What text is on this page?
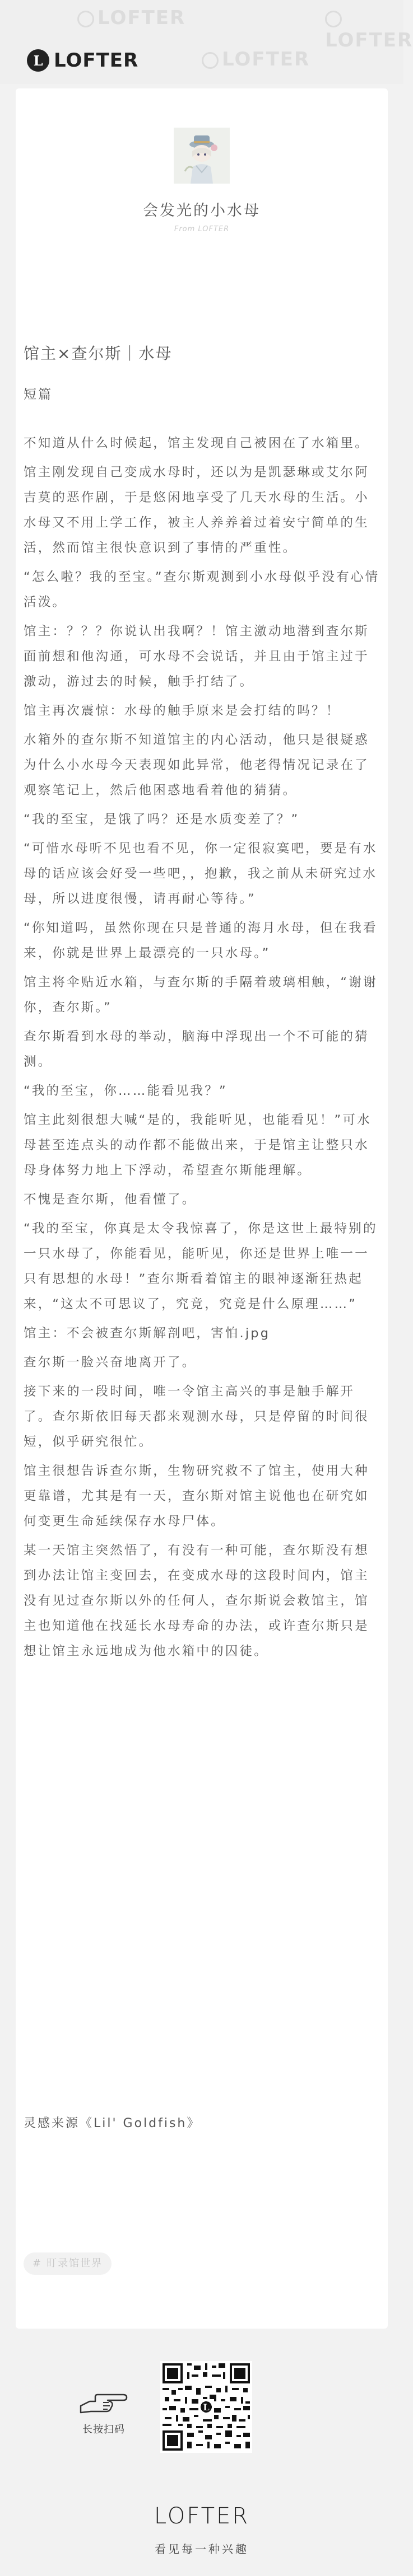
LOFTER
LOFTER
LOFTER
L LOFTER
会发光的小水母
From LOFTER
馆主×查尔斯｜水母
短篇

不知道从什么时候起，馆主发现自己被困在了水箱里。

馆主刚发现自己变成水母时，还以为是凯瑟琳或艾尔阿吉莫的恶作剧，于是悠闲地享受了几天水母的生活。小水母又不用上学工作，被主人养养着过着安宁简单的生活，然而馆主很快意识到了事情的严重性。

“怎么啦？我的至宝。”查尔斯观测到小水母似乎没有心情活泼。

馆主：？？？你说认出我啊？！馆主激动地潜到查尔斯面前想和他沟通，可水母不会说话，并且由于馆主过于激动，游过去的时候，触手打结了。

馆主再次震惊：水母的触手原来是会打结的吗？！

水箱外的查尔斯不知道馆主的内心活动，他只是很疑惑为什么小水母今天表现如此异常，他老得情况记录在了观察笔记上，然后他困惑地看着他的猜猜。

“我的至宝，是饿了吗？还是水质变差了？”

“可惜水母听不见也看不见，你一定很寂寞吧，要是有水母的话应该会好受一些吧，，抱歉，我之前从未研究过水母，所以进度很慢，请再耐心等待。”

“你知道吗，虽然你现在只是普通的海月水母，但在我看来，你就是世界上最漂亮的一只水母。”

馆主将伞贴近水箱，与查尔斯的手隔着玻璃相触，“谢谢你，查尔斯。”

查尔斯看到水母的举动，脑海中浮现出一个不可能的猜测。

“我的至宝，你……能看见我？”

馆主此刻很想大喊“是的，我能听见，也能看见！”可水母甚至连点头的动作都不能做出来，于是馆主让整只水母身体努力地上下浮动，希望查尔斯能理解。

不愧是查尔斯，他看懂了。

“我的至宝，你真是太令我惊喜了，你是这世上最特别的一只水母了，你能看见，能听见，你还是世界上唯一一只有思想的水母！”查尔斯看着馆主的眼神逐渐狂热起来，“这太不可思议了，究竟，究竟是什么原理……”

馆主：不会被查尔斯解剖吧，害怕.jpg

查尔斯一脸兴奋地离开了。

接下来的一段时间，唯一令馆主高兴的事是触手解开了。查尔斯依旧每天都来观测水母，只是停留的时间很短，似乎研究很忙。

馆主很想告诉查尔斯，生物研究救不了馆主，使用大种更靠谱，尤其是有一天，查尔斯对馆主说他也在研究如何变更生命延续保存水母尸体。

某一天馆主突然悟了，有没有一种可能，查尔斯没有想到办法让馆主变回去，在变成水母的这段时间内，馆主没有见过查尔斯以外的任何人，查尔斯说会救馆主，馆主也知道他在找延长水母寿命的办法，或许查尔斯只是想让馆主永远地成为他水箱中的囚徒。

灵感来源《Lil' Goldfish》
# 盯录馆世界
长按扫码
L
LOFTER
看见每一种兴趣
